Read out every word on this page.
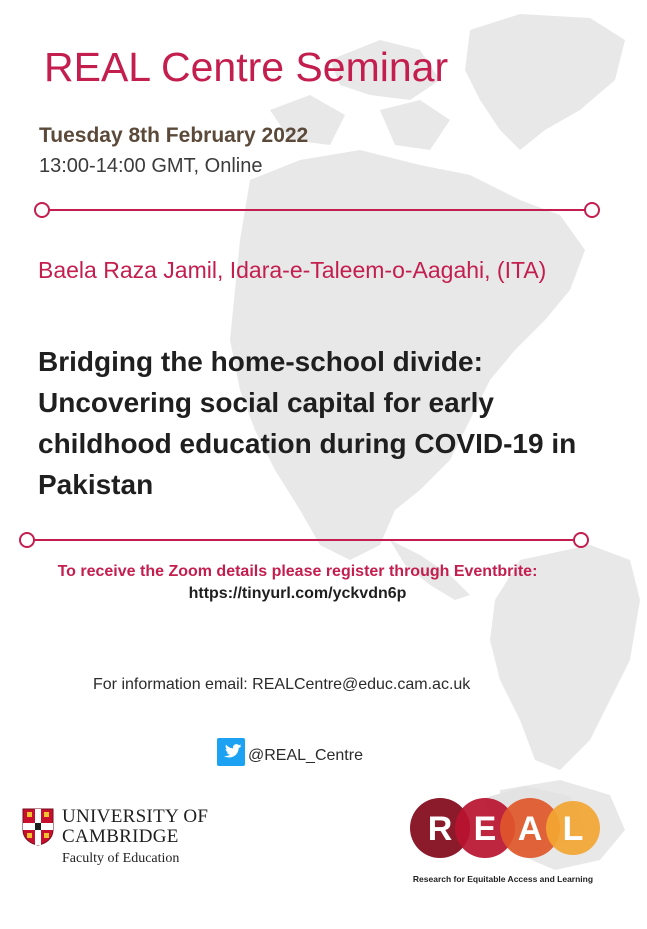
REAL Centre Seminar
Tuesday 8th February 2022
13:00-14:00 GMT, Online
Baela Raza Jamil, Idara-e-Taleem-o-Aagahi, (ITA)
Bridging the home-school divide: Uncovering social capital for early childhood education during COVID-19 in Pakistan
To receive the Zoom details please register through Eventbrite:
https://tinyurl.com/yckvdn6p
For information email: REALCentre@educ.cam.ac.uk
@REAL_Centre
UNIVERSITY OF
CAMBRIDGE
Faculty of Education
R E A L
Research for Equitable Access and Learning
